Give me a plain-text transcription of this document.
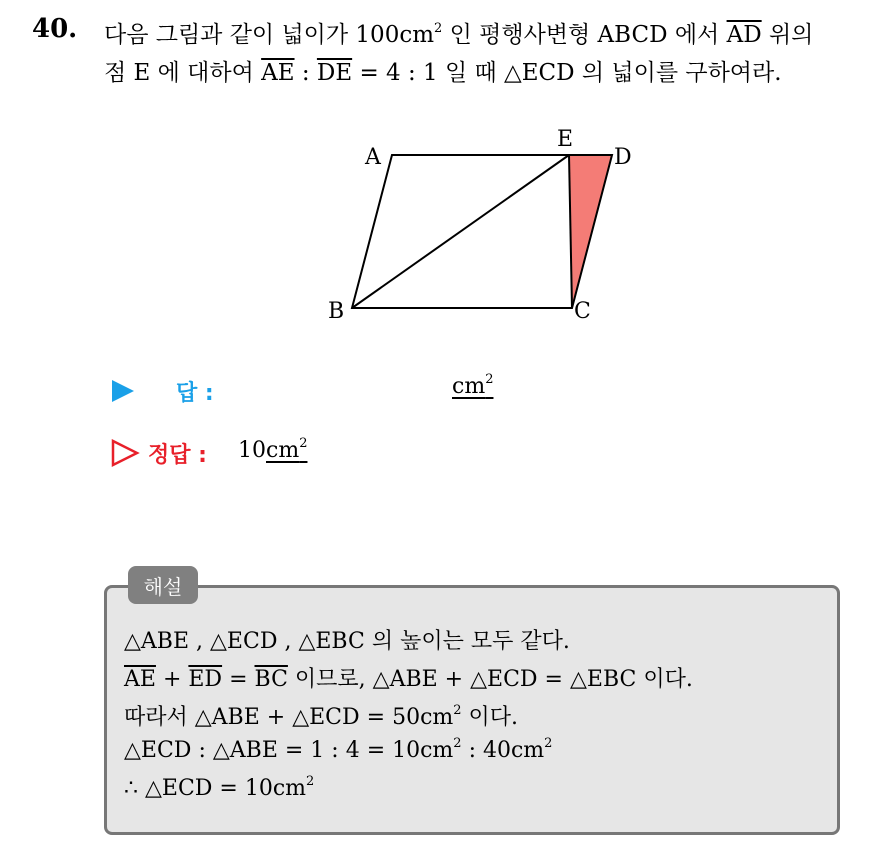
40. 다음 그림과 같이 넓이가 $100cm^2$ 인 평행사변형 ABCD 에서 $\overline{AD}$ 위의
점 E 에 대하여 $\overline{AE}$ : $\overline{DE} = 4$ : 1 일 때 △ECD 의 넓이를 구하여라.
A
E
D
B	C
답 :	$cm^2$
정답 : $10cm^2$
해설
△ABE , △ECD , △EBC 의 높이는 모두 같다.
$\overline{AE} + \overline{ED} = \overline{BC}$ 이므로, △ABE + △ECD = △EBC 이다.
따라서 △ABE + △ECD = $50cm^2$ 이다.
△ECD : △ABE = 1 : $4 = 10cm^2$ : $40cm^2$
∴ △ECD = $10cm^2$
